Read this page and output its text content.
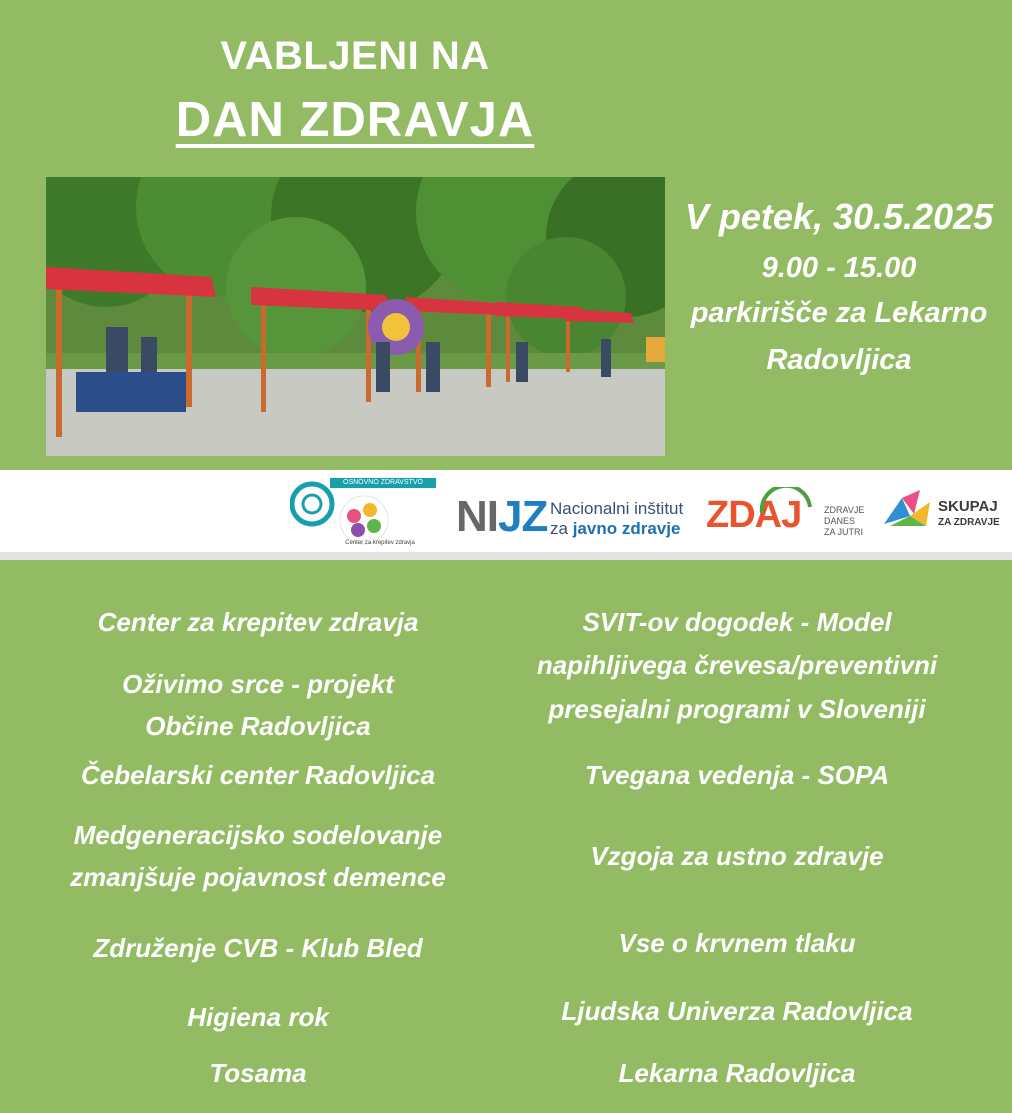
VABLJENI NA
DAN ZDRAVJA
V petek, 30.5.2025
9.00 - 15.00
parkirišče za Lekarno
Radovljica
OSNOVNO ZDRAVSTVO GORENJSKE
Center za krepitev zdravja
NIJZ Nacionalni inštitut
za javno zdravje ZDAJ	ZDRAVJE
DANES
ZA JUTRI
SKUPAJ
ZA ZDRAVJE
Center za krepitev zdravja
Oživimo srce - projekt
Občine Radovljica
Čebelarski center Radovljica
Medgeneracijsko sodelovanje
zmanjšuje pojavnost demence
Združenje CVB - Klub Bled
Higiena rok
Tosama
SVIT-ov dogodek - Model
napihljivega črevesa/preventivni
presejalni programi v Sloveniji
Tvegana vedenja - SOPA
Vzgoja za ustno zdravje
Vse o krvnem tlaku
Ljudska Univerza Radovljica
Lekarna Radovljica
